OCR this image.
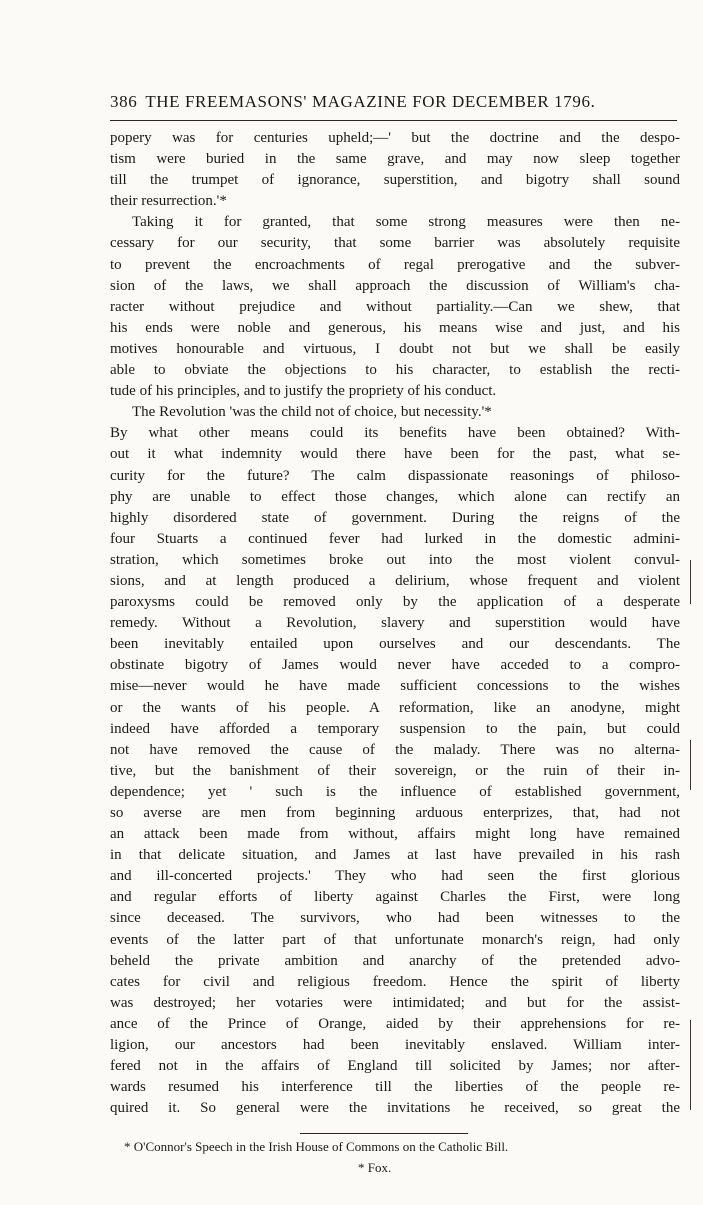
386 THE FREEMASONS' MAGAZINE FOR DECEMBER 1796.
popery was for centuries upheld;—' but the doctrine and the despo-
tism were buried in the same grave, and may now sleep together
till the trumpet of ignorance, superstition, and bigotry shall sound
their resurrection.'*
Taking it for granted, that some strong measures were then ne-
cessary for our security, that some barrier was absolutely requisite
to prevent the encroachments of regal prerogative and the subver-
sion of the laws, we shall approach the discussion of William's cha-
racter without prejudice and without partiality.—Can we shew, that
his ends were noble and generous, his means wise and just, and his
motives honourable and virtuous, I doubt not but we shall be easily
able to obviate the objections to his character, to establish the recti-
tude of his principles, and to justify the propriety of his conduct.
The Revolution 'was the child not of choice, but necessity.'*
By what other means could its benefits have been obtained? With-
out it what indemnity would there have been for the past, what se-
curity for the future? The calm dispassionate reasonings of philoso-
phy are unable to effect those changes, which alone can rectify an
highly disordered state of government. During the reigns of the
four Stuarts a continued fever had lurked in the domestic admini-
stration, which sometimes broke out into the most violent convul-
sions, and at length produced a delirium, whose frequent and violent
paroxysms could be removed only by the application of a desperate
remedy. Without a Revolution, slavery and superstition would have
been inevitably entailed upon ourselves and our descendants. The
obstinate bigotry of James would never have acceded to a compro-
mise—never would he have made sufficient concessions to the wishes
or the wants of his people. A reformation, like an anodyne, might
indeed have afforded a temporary suspension to the pain, but could
not have removed the cause of the malady. There was no alterna-
tive, but the banishment of their sovereign, or the ruin of their in-
dependence; yet ' such is the influence of established government,
so averse are men from beginning arduous enterprizes, that, had not
an attack been made from without, affairs might long have remained
in that delicate situation, and James at last have prevailed in his rash
and ill-concerted projects.' They who had seen the first glorious
and regular efforts of liberty against Charles the First, were long
since deceased. The survivors, who had been witnesses to the
events of the latter part of that unfortunate monarch's reign, had only
beheld the private ambition and anarchy of the pretended advo-
cates for civil and religious freedom. Hence the spirit of liberty
was destroyed; her votaries were intimidated; and but for the assist-
ance of the Prince of Orange, aided by their apprehensions for re-
ligion, our ancestors had been inevitably enslaved. William inter-
fered not in the affairs of England till solicited by James; nor after-
wards resumed his interference till the liberties of the people re-
quired it. So general were the invitations he received, so great the
* O'Connor's Speech in the Irish House of Commons on the Catholic Bill.
* Fox.
